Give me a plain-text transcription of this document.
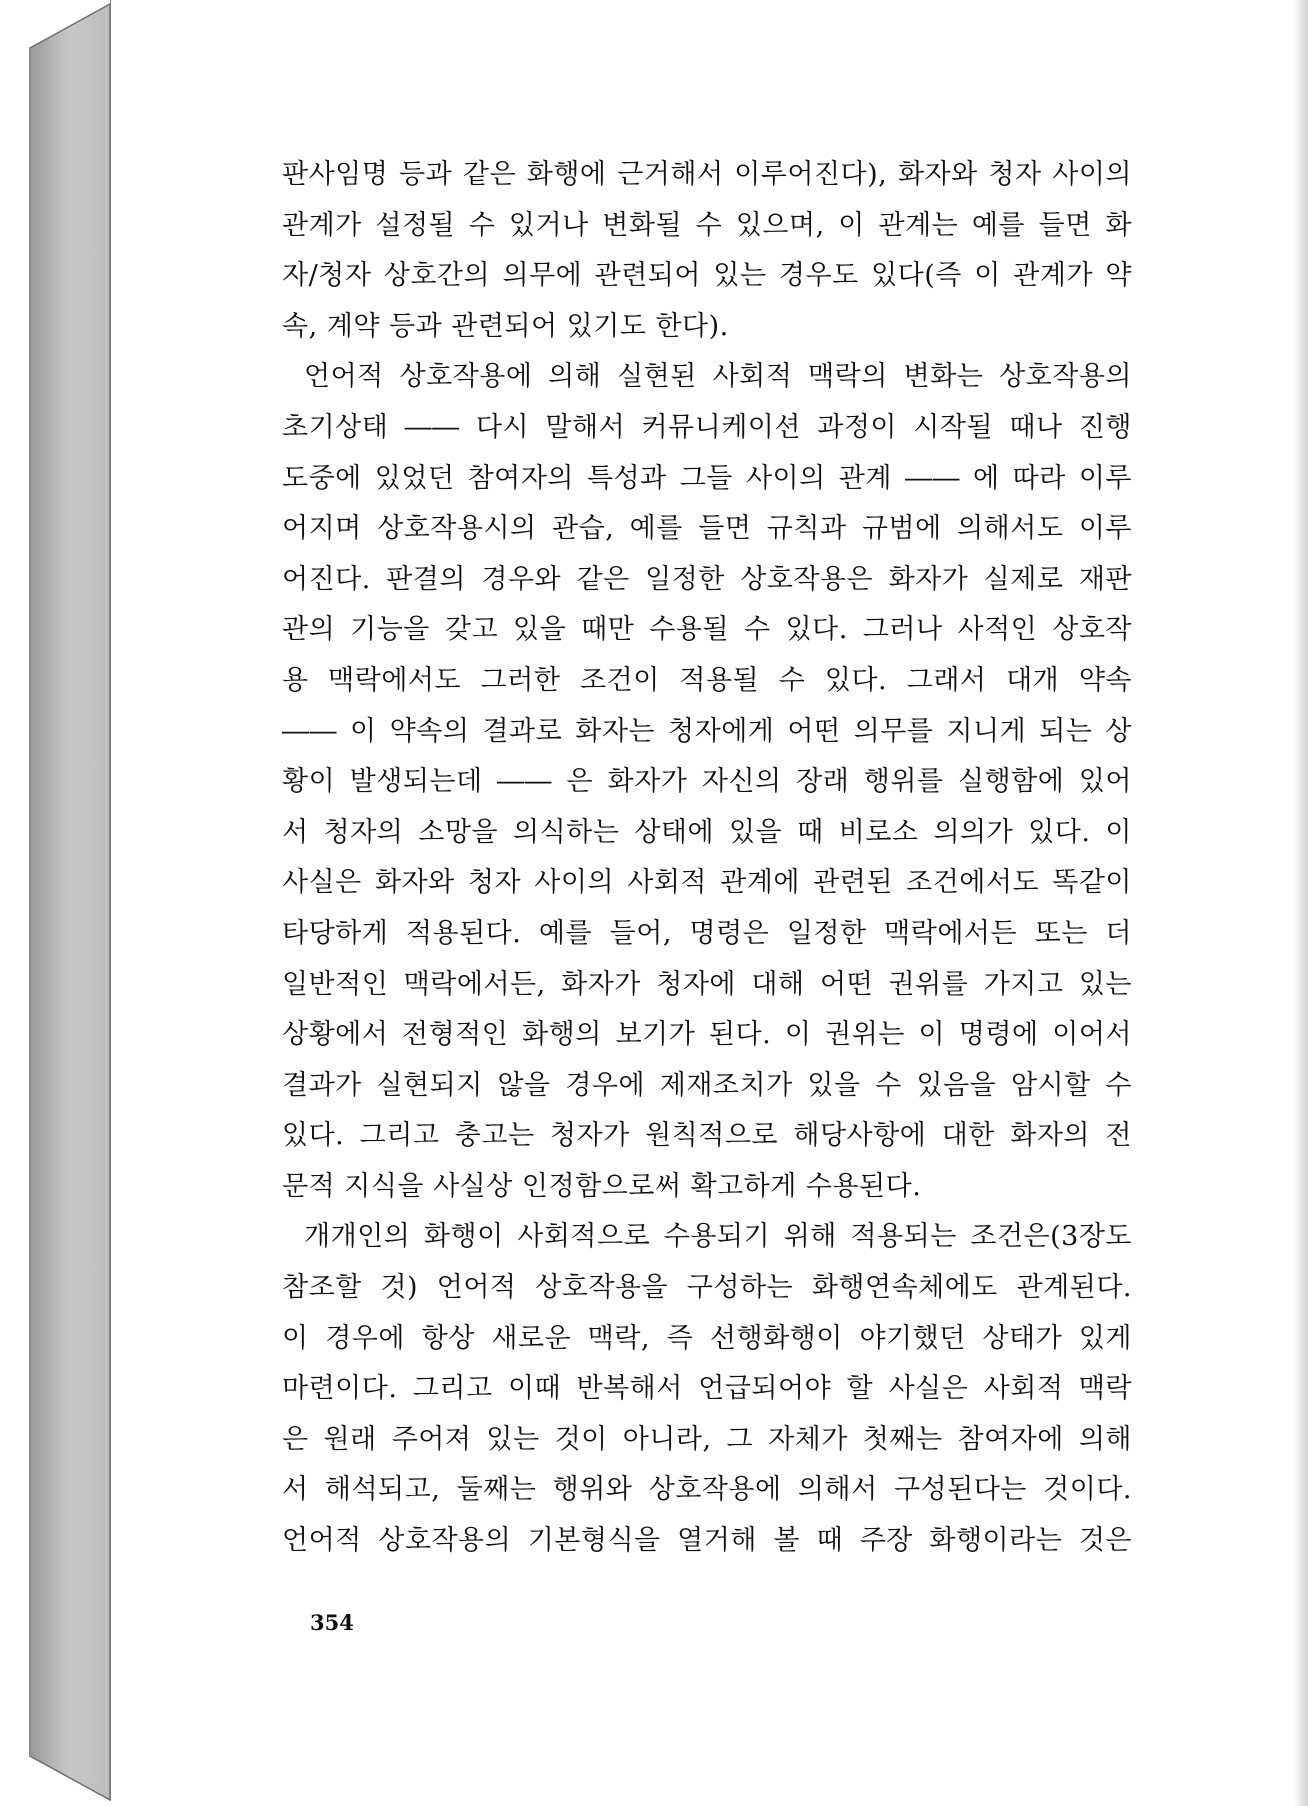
판사임명 등과 같은 화행에 근거해서 이루어진다), 화자와 청자 사이의
관계가 설정될 수 있거나 변화될 수 있으며, 이 관계는 예를 들면 화
자/청자 상호간의 의무에 관련되어 있는 경우도 있다(즉 이 관계가 약
속, 계약 등과 관련되어 있기도 한다).
언어적 상호작용에 의해 실현된 사회적 맥락의 변화는 상호작용의
초기상태 ―― 다시 말해서 커뮤니케이션 과정이 시작될 때나 진행
도중에 있었던 참여자의 특성과 그들 사이의 관계 ―― 에 따라 이루
어지며 상호작용시의 관습, 예를 들면 규칙과 규범에 의해서도 이루
어진다. 판결의 경우와 같은 일정한 상호작용은 화자가 실제로 재판
관의 기능을 갖고 있을 때만 수용될 수 있다. 그러나 사적인 상호작
용 맥락에서도 그러한 조건이 적용될 수 있다. 그래서 대개 약속
―― 이 약속의 결과로 화자는 청자에게 어떤 의무를 지니게 되는 상
황이 발생되는데 ―― 은 화자가 자신의 장래 행위를 실행함에 있어
서 청자의 소망을 의식하는 상태에 있을 때 비로소 의의가 있다. 이
사실은 화자와 청자 사이의 사회적 관계에 관련된 조건에서도 똑같이
타당하게 적용된다. 예를 들어, 명령은 일정한 맥락에서든 또는 더
일반적인 맥락에서든, 화자가 청자에 대해 어떤 권위를 가지고 있는
상황에서 전형적인 화행의 보기가 된다. 이 권위는 이 명령에 이어서
결과가 실현되지 않을 경우에 제재조치가 있을 수 있음을 암시할 수
있다. 그리고 충고는 청자가 원칙적으로 해당사항에 대한 화자의 전
문적 지식을 사실상 인정함으로써 확고하게 수용된다.
개개인의 화행이 사회적으로 수용되기 위해 적용되는 조건은(3장도
참조할 것) 언어적 상호작용을 구성하는 화행연속체에도 관계된다.
이 경우에 항상 새로운 맥락, 즉 선행화행이 야기했던 상태가 있게
마련이다. 그리고 이때 반복해서 언급되어야 할 사실은 사회적 맥락
은 원래 주어져 있는 것이 아니라, 그 자체가 첫째는 참여자에 의해
서 해석되고, 둘째는 행위와 상호작용에 의해서 구성된다는 것이다.
언어적 상호작용의 기본형식을 열거해 볼 때 주장 화행이라는 것은
354
